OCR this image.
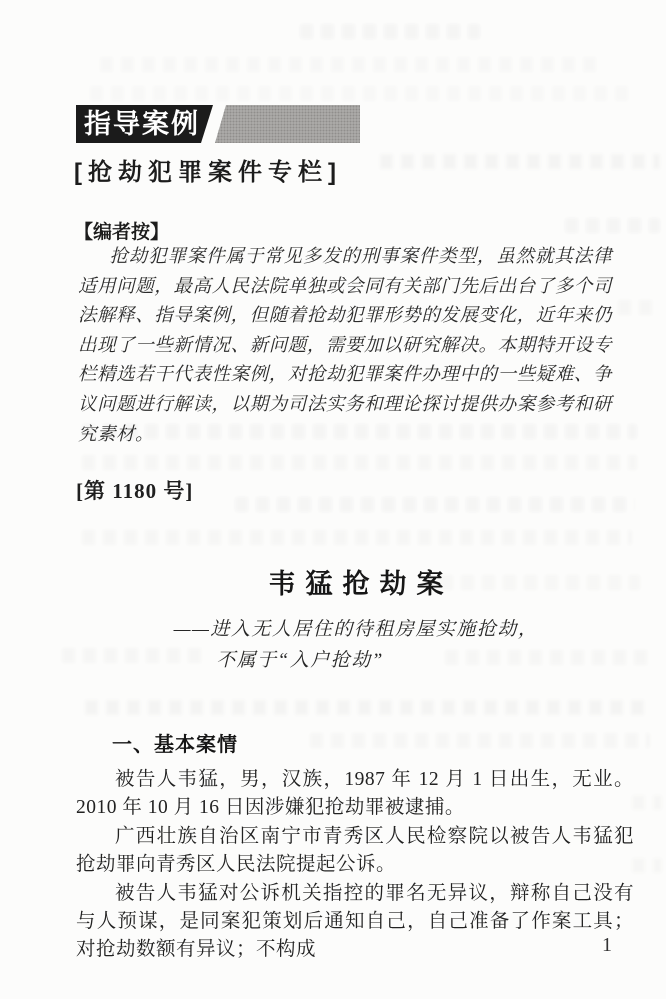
指导案例
[抢劫犯罪案件专栏]
【编者按】
抢劫犯罪案件属于常见多发的刑事案件类型，虽然就其法律适用问题，最高人民法院单独或会同有关部门先后出台了多个司法解释、指导案例，但随着抢劫犯罪形势的发展变化，近年来仍出现了一些新情况、新问题，需要加以研究解决。本期特开设专栏精选若干代表性案例，对抢劫犯罪案件办理中的一些疑难、争议问题进行解读，以期为司法实务和理论探讨提供办案参考和研究素材。
[第 1180 号]
韦猛抢劫案
——进入无人居住的待租房屋实施抢劫，
不属于“入户抢劫”
一、基本案情

被告人韦猛，男，汉族，1987 年 12 月 1 日出生，无业。2010 年 10 月 16 日因涉嫌犯抢劫罪被逮捕。

广西壮族自治区南宁市青秀区人民检察院以被告人韦猛犯抢劫罪向青秀区人民法院提起公诉。

被告人韦猛对公诉机关指控的罪名无异议，辩称自己没有与人预谋，是同案犯策划后通知自己，自己准备了作案工具；对抢劫数额有异议；不构成	1
